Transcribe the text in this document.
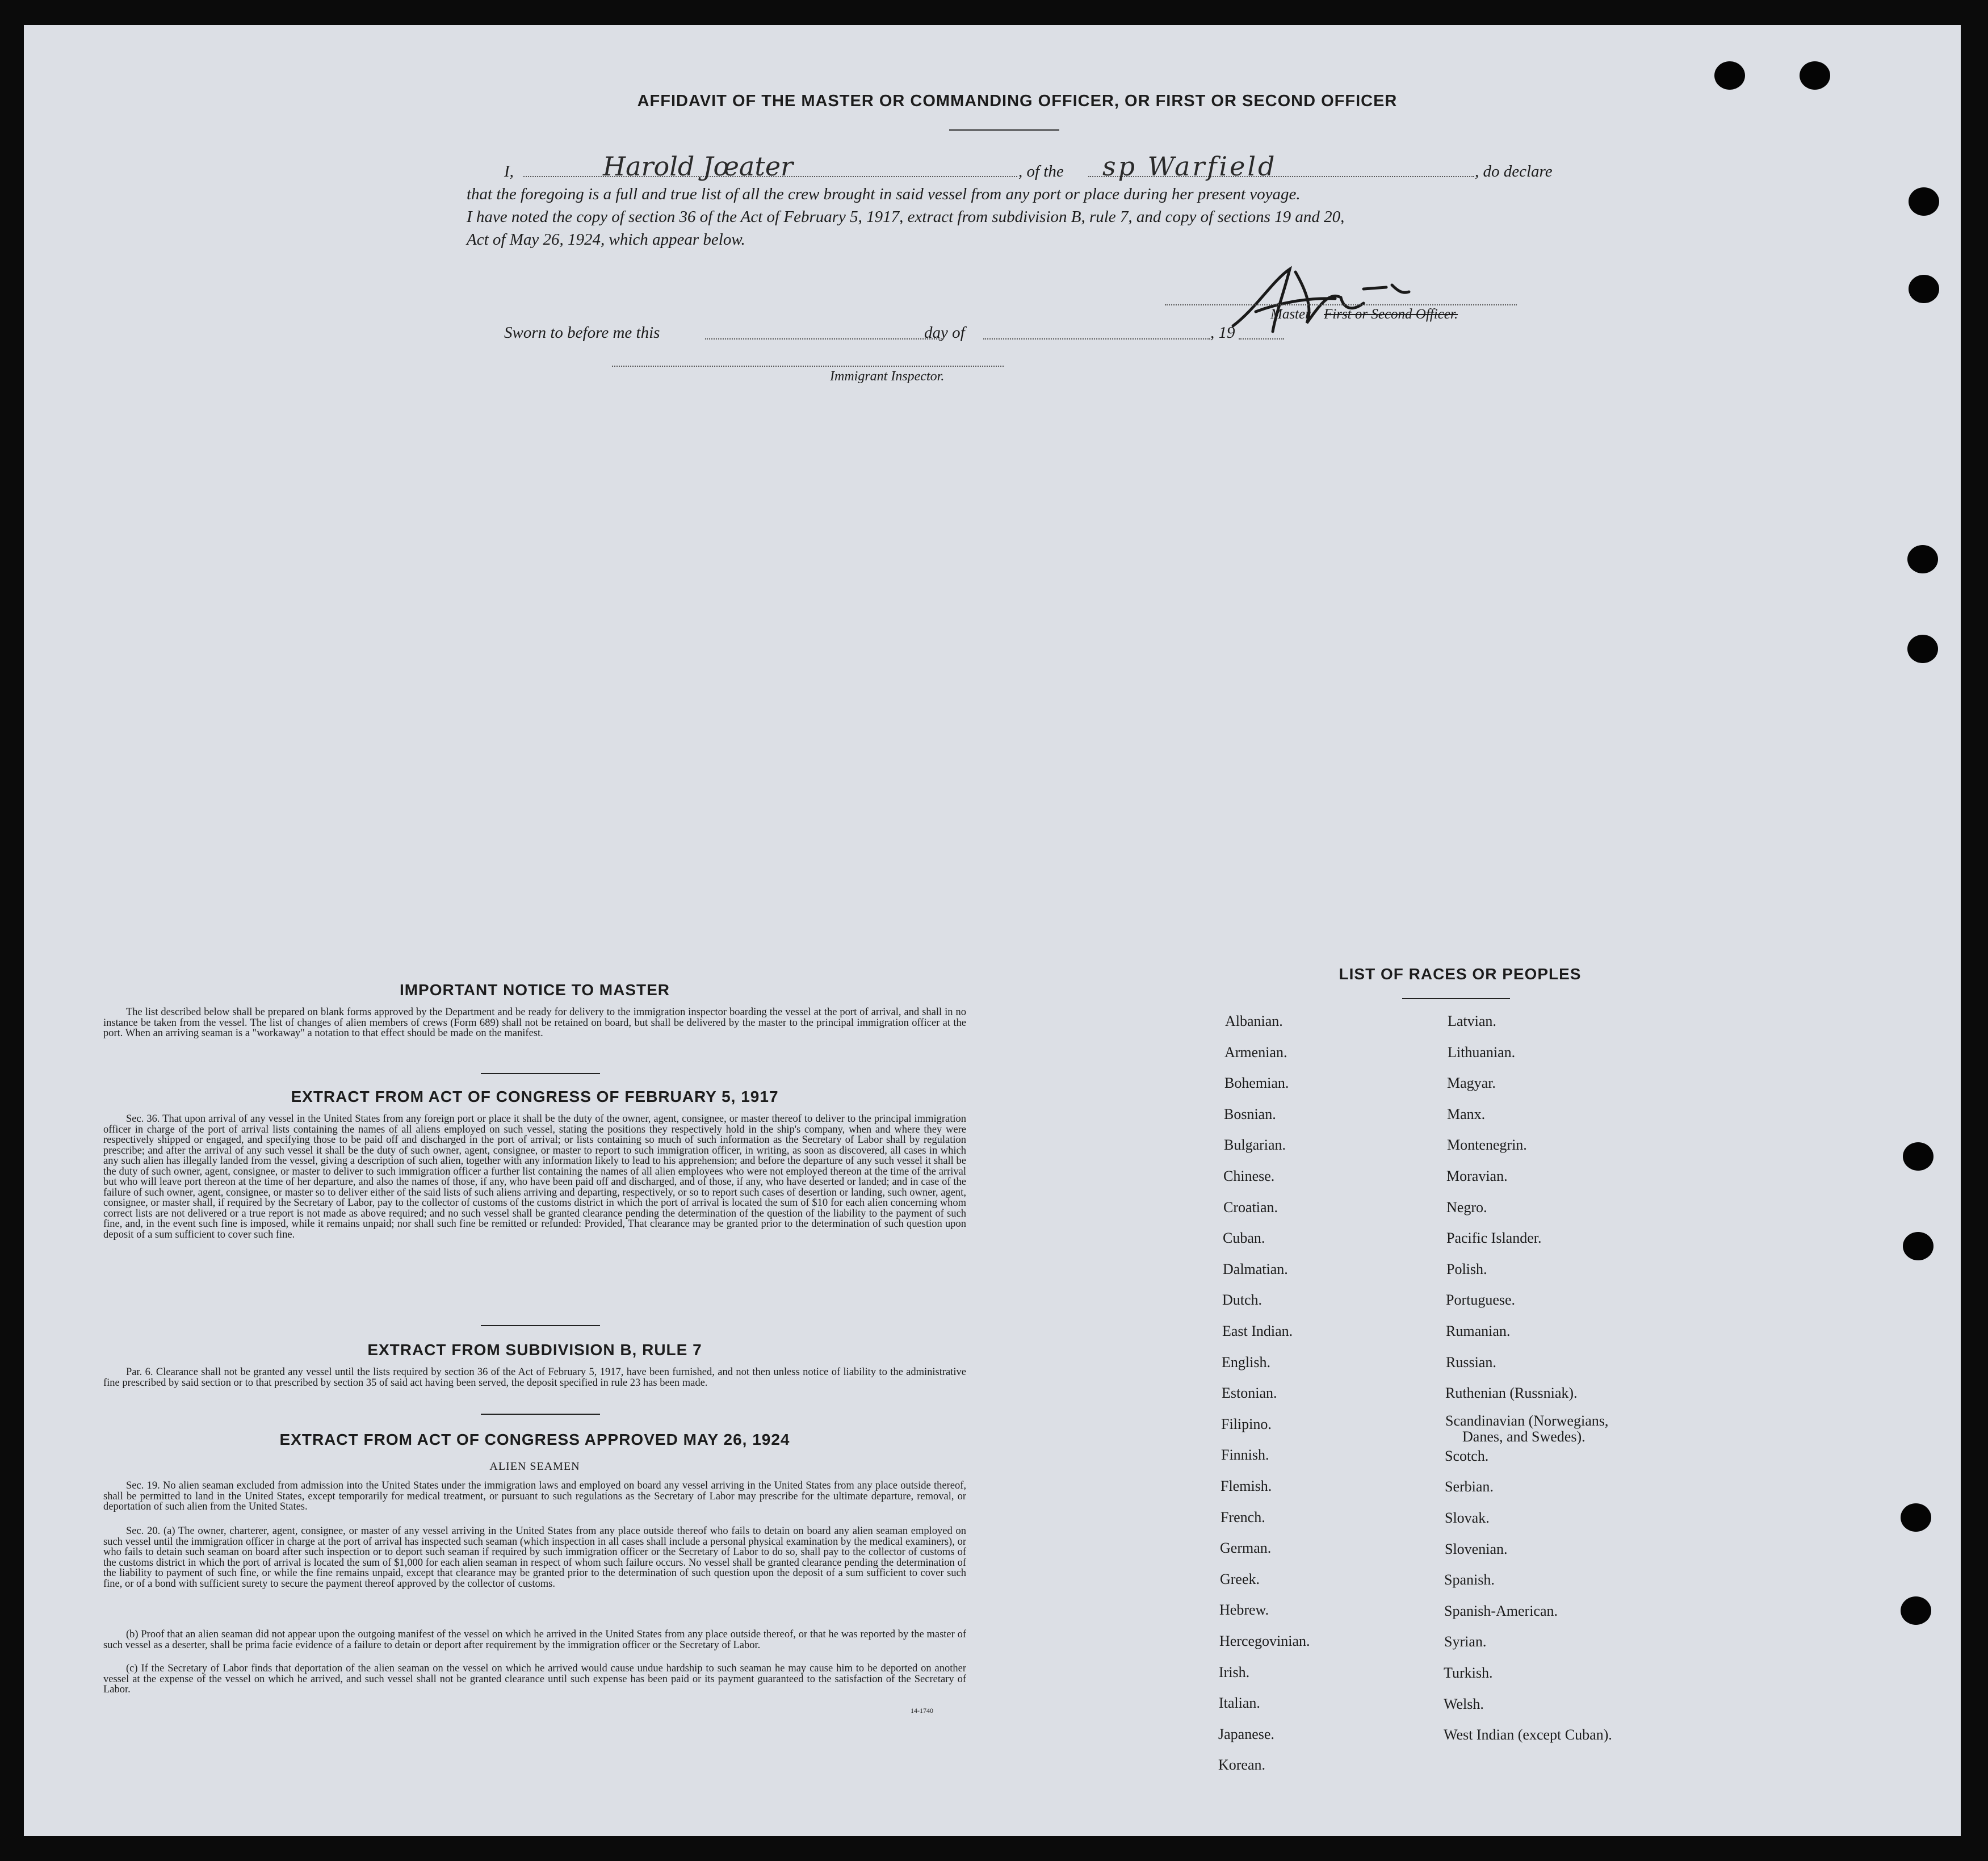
AFFIDAVIT OF THE MASTER OR COMMANDING OFFICER, OR FIRST OR SECOND OFFICER
I,	Harold Jœater	, of the sp Warfield	, do declare
that the foregoing is a full and true list of all the crew brought in said vessel from any port or place during her present voyage.
I have noted the copy of section 36 of the Act of February 5, 1917, extract from subdivision B, rule 7, and copy of sections 19 and 20,
Act of May 26, 1924, which appear below.
Master First or Second Officer.
Sworn to before me this	day of	, 19
Immigrant Inspector.
IMPORTANT NOTICE TO MASTER
The list described below shall be prepared on blank forms approved by the Department and be ready for delivery to the immigration inspector boarding the vessel at the port of arrival, and shall in no instance be taken from the vessel. The list of changes of alien members of crews (Form 689) shall not be retained on board, but shall be delivered by the master to the principal immigration officer at the port. When an arriving seaman is a "workaway" a notation to that effect should be made on the manifest.
EXTRACT FROM ACT OF CONGRESS OF FEBRUARY 5, 1917
Sec. 36. That upon arrival of any vessel in the United States from any foreign port or place it shall be the duty of the owner, agent, consignee, or master thereof to deliver to the principal immigration officer in charge of the port of arrival lists containing the names of all aliens employed on such vessel, stating the positions they respectively hold in the ship's company, when and where they were respectively shipped or engaged, and specifying those to be paid off and discharged in the port of arrival; or lists containing so much of such information as the Secretary of Labor shall by regulation prescribe; and after the arrival of any such vessel it shall be the duty of such owner, agent, consignee, or master to report to such immigration officer, in writing, as soon as discovered, all cases in which any such alien has illegally landed from the vessel, giving a description of such alien, together with any information likely to lead to his apprehension; and before the departure of any such vessel it shall be the duty of such owner, agent, consignee, or master to deliver to such immigration officer a further list containing the names of all alien employees who were not employed thereon at the time of the arrival but who will leave port thereon at the time of her departure, and also the names of those, if any, who have been paid off and discharged, and of those, if any, who have deserted or landed; and in case of the failure of such owner, agent, consignee, or master so to deliver either of the said lists of such aliens arriving and departing, respectively, or so to report such cases of desertion or landing, such owner, agent, consignee, or master shall, if required by the Secretary of Labor, pay to the collector of customs of the customs district in which the port of arrival is located the sum of $10 for each alien concerning whom correct lists are not delivered or a true report is not made as above required; and no such vessel shall be granted clearance pending the determination of the question of the liability to the payment of such fine, and, in the event such fine is imposed, while it remains unpaid; nor shall such fine be remitted or refunded: Provided, That clearance may be granted prior to the determination of such question upon deposit of a sum sufficient to cover such fine.
EXTRACT FROM SUBDIVISION B, RULE 7
Par. 6. Clearance shall not be granted any vessel until the lists required by section 36 of the Act of February 5, 1917, have been furnished, and not then unless notice of liability to the administrative fine prescribed by said section or to that prescribed by section 35 of said act having been served, the deposit specified in rule 23 has been made.
EXTRACT FROM ACT OF CONGRESS APPROVED MAY 26, 1924
ALIEN SEAMEN
Sec. 19. No alien seaman excluded from admission into the United States under the immigration laws and employed on board any vessel arriving in the United States from any place outside thereof, shall be permitted to land in the United States, except temporarily for medical treatment, or pursuant to such regulations as the Secretary of Labor may prescribe for the ultimate departure, removal, or deportation of such alien from the United States.
Sec. 20. (a) The owner, charterer, agent, consignee, or master of any vessel arriving in the United States from any place outside thereof who fails to detain on board any alien seaman employed on such vessel until the immigration officer in charge at the port of arrival has inspected such seaman (which inspection in all cases shall include a personal physical examination by the medical examiners), or who fails to detain such seaman on board after such inspection or to deport such seaman if required by such immigration officer or the Secretary of Labor to do so, shall pay to the collector of customs of the customs district in which the port of arrival is located the sum of $1,000 for each alien seaman in respect of whom such failure occurs. No vessel shall be granted clearance pending the determination of the liability to payment of such fine, or while the fine remains unpaid, except that clearance may be granted prior to the determination of such question upon the deposit of a sum sufficient to cover such fine, or of a bond with sufficient surety to secure the payment thereof approved by the collector of customs.
(b) Proof that an alien seaman did not appear upon the outgoing manifest of the vessel on which he arrived in the United States from any place outside thereof, or that he was reported by the master of such vessel as a deserter, shall be prima facie evidence of a failure to detain or deport after requirement by the immigration officer or the Secretary of Labor.
(c) If the Secretary of Labor finds that deportation of the alien seaman on the vessel on which he arrived would cause undue hardship to such seaman he may cause him to be deported on another vessel at the expense of the vessel on which he arrived, and such vessel shall not be granted clearance until such expense has been paid or its payment guaranteed to the satisfaction of the Secretary of Labor.
14-1740
LIST OF RACES OR PEOPLES
Albanian.
Armenian.
Bohemian.
Bosnian.
Bulgarian.
Chinese.
Croatian.
Cuban.
Dalmatian.
Dutch.
East Indian.
English.
Estonian.
Filipino.
Finnish.
Flemish.
French.
German.
Greek.
Hebrew.
Hercegovinian.
Irish.
Italian.
Japanese.
Korean.
Latvian.
Lithuanian.
Magyar.
Manx.
Montenegrin.
Moravian.
Negro.
Pacific Islander.
Polish.
Portuguese.
Rumanian.
Russian.
Ruthenian (Russniak).
Scandinavian (Norwegians,
Danes, and Swedes).
Scotch.
Serbian.
Slovak.
Slovenian.
Spanish.
Spanish-American.
Syrian.
Turkish.
Welsh.
West Indian (except Cuban).
